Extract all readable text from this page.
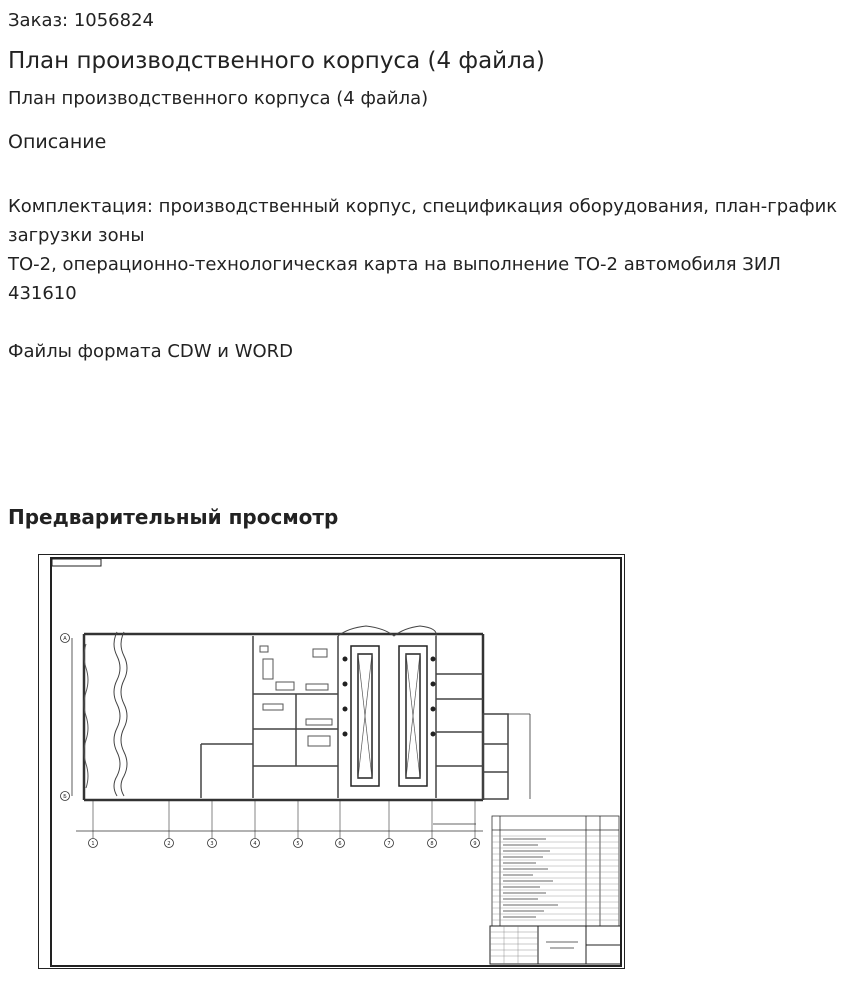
Заказ: 1056824
План производственного корпуса (4 файла)
План производственного корпуса (4 файла)
Описание

Комплектация: производственный корпус, спецификация оборудования, план-график загрузки зоны

ТО-2, операционно-технологическая карта на выполнение ТО-2 автомобиля ЗИЛ 431610

Файлы формата CDW и WORD

Предварительный просмотр
1	2	3	4	5	6	7	8	9
А
Б
